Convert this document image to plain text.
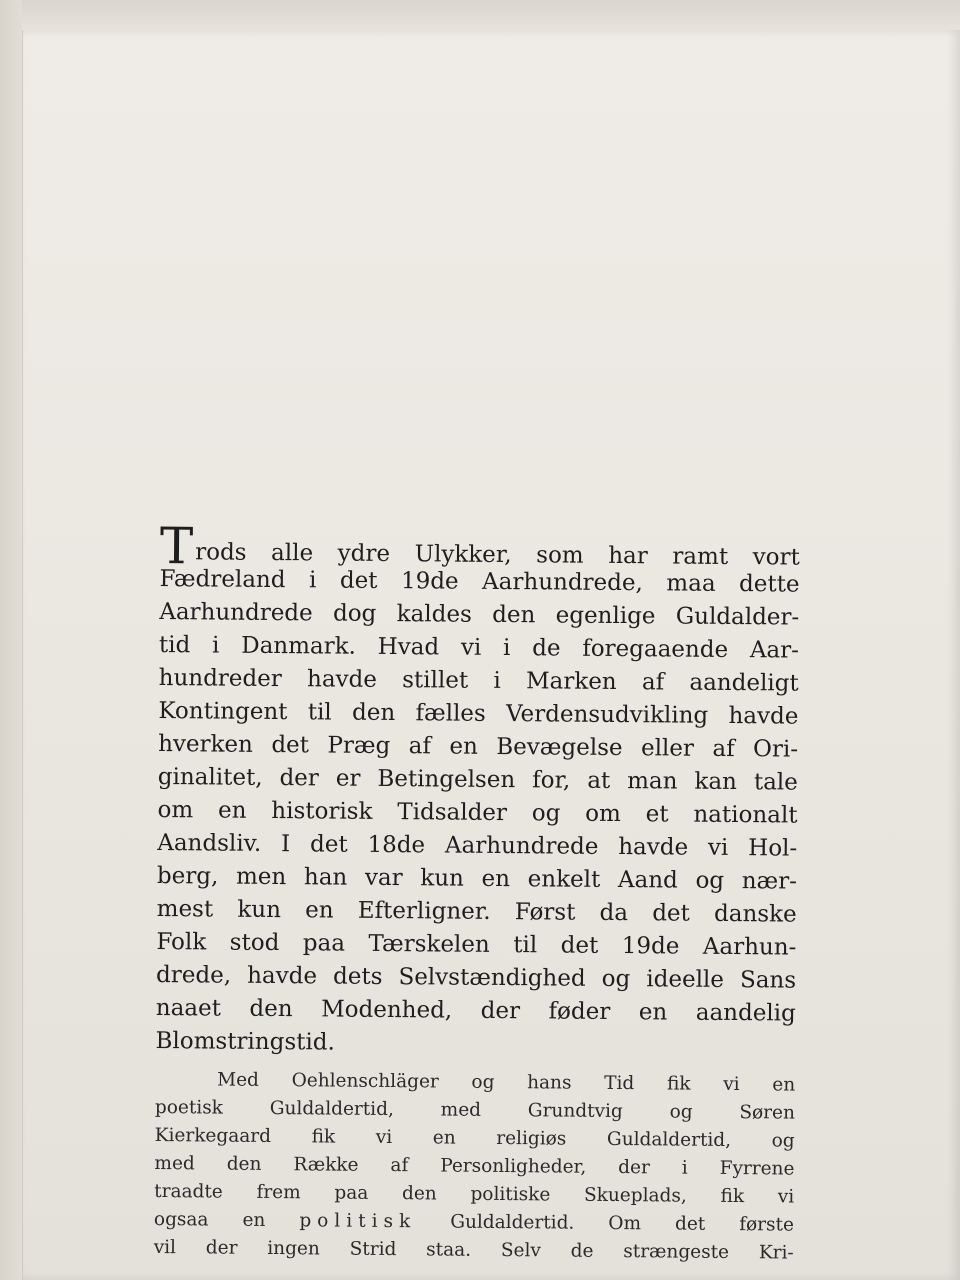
Trods alle ydre Ulykker, som har ramt vort
Fædreland i det 19de Aarhundrede, maa dette
Aarhundrede dog kaldes den egenlige Guldalder-
tid i Danmark. Hvad vi i de foregaaende Aar-
hundreder havde stillet i Marken af aandeligt
Kontingent til den fælles Verdensudvikling havde
hverken det Præg af en Bevægelse eller af Ori-
ginalitet, der er Betingelsen for, at man kan tale
om en historisk Tidsalder og om et nationalt
Aandsliv. I det 18de Aarhundrede havde vi Hol-
berg, men han var kun en enkelt Aand og nær-
mest kun en Efterligner. Først da det danske
Folk stod paa Tærskelen til det 19de Aarhun-
drede, havde dets Selvstændighed og ideelle Sans
naaet den Modenhed, der føder en aandelig
Blomstringstid.
Med Oehlenschläger og hans Tid fik vi en
poetisk Guldaldertid, med Grundtvig og Søren
Kierkegaard fik vi en religiøs Guldaldertid, og
med den Række af Personligheder, der i Fyrrene
traadte frem paa den politiske Skueplads, fik vi
ogsaa en politisk Guldaldertid. Om det første
vil der ingen Strid staa. Selv de strængeste Kri-
